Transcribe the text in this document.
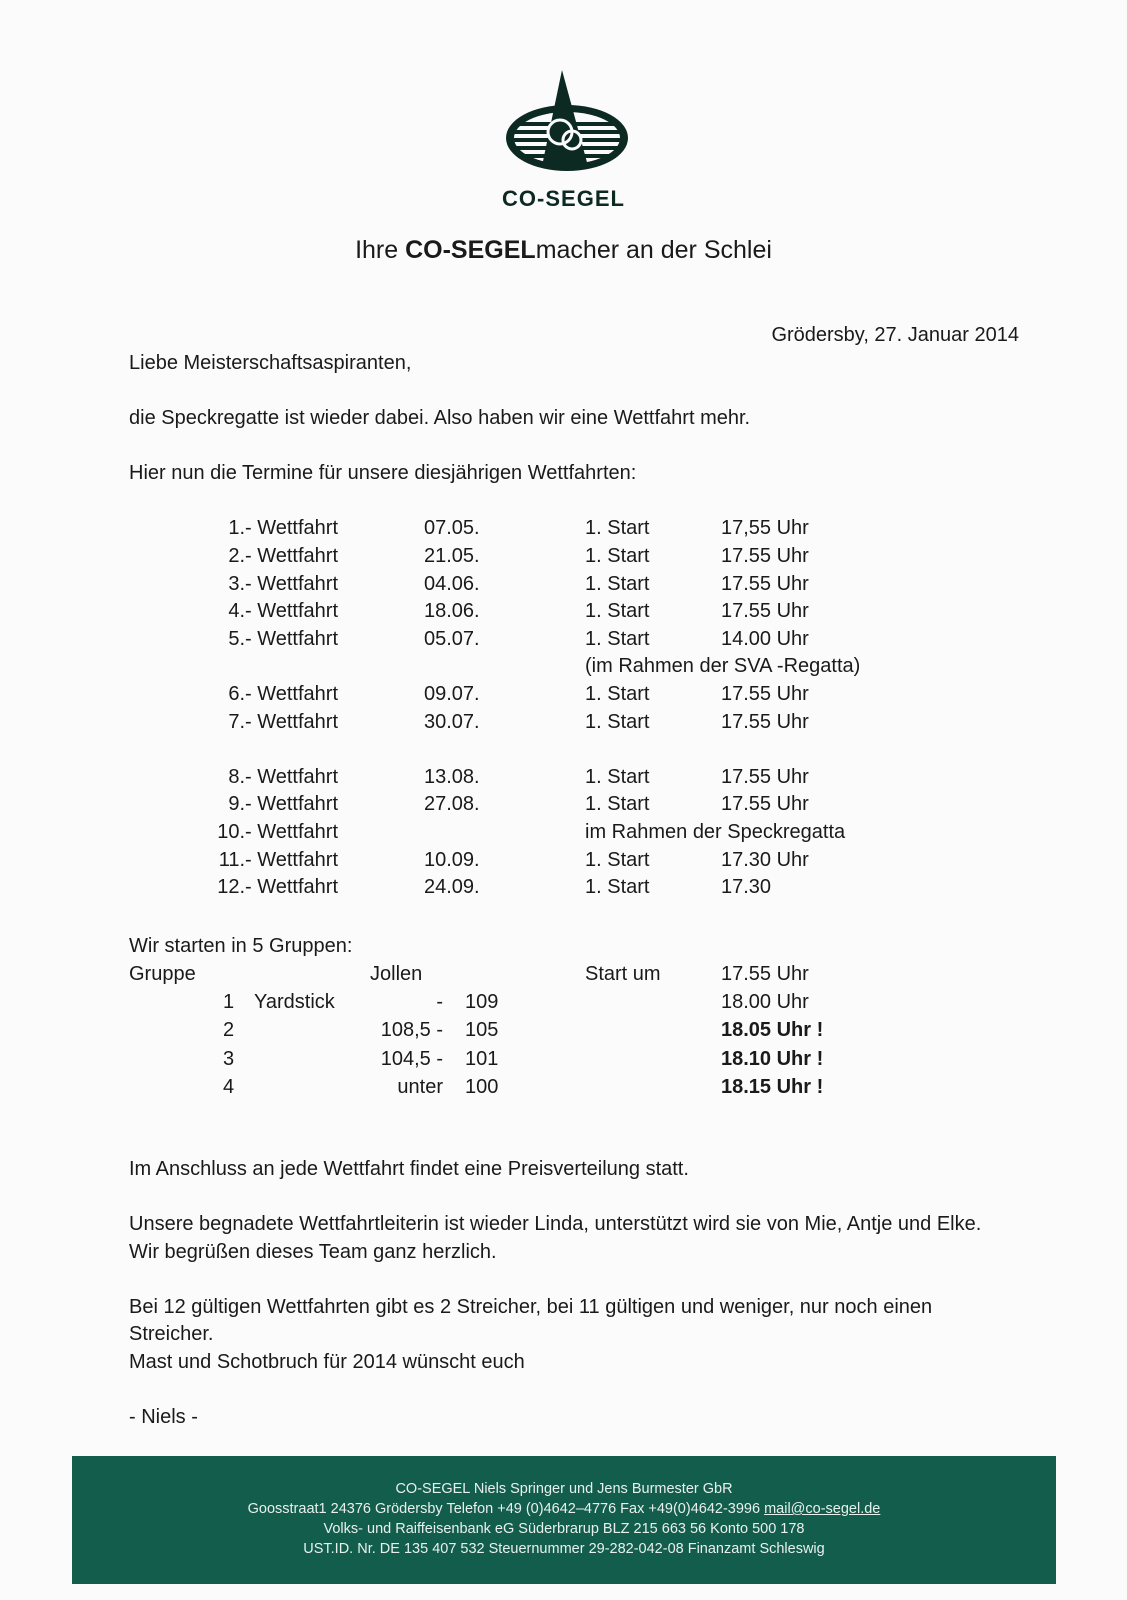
CO-SEGEL
Ihre CO-SEGELmacher an der Schlei
Grödersby, 27. Januar 2014
Liebe Meisterschaftsaspiranten,
die Speckregatte ist wieder dabei. Also haben wir eine Wettfahrt mehr.
Hier nun die Termine für unsere diesjährigen Wettfahrten:
1.- Wettfahrt	07.05.	1. Start	17,55 Uhr
2.- Wettfahrt	21.05.	1. Start	17.55 Uhr
3.- Wettfahrt	04.06.	1. Start	17.55 Uhr
4.- Wettfahrt	18.06.	1. Start	17.55 Uhr
5.- Wettfahrt	05.07.	1. Start	14.00 Uhr
(im Rahmen der SVA -Regatta)
6.- Wettfahrt	09.07.	1. Start	17.55 Uhr
7.- Wettfahrt	30.07.	1. Start	17.55 Uhr
8.- Wettfahrt	13.08.	1. Start	17.55 Uhr
9.- Wettfahrt	27.08.	1. Start	17.55 Uhr
10.- Wettfahrt	im Rahmen der Speckregatta
11.- Wettfahrt	10.09.	1. Start	17.30 Uhr
12.- Wettfahrt	24.09.	1. Start	17.30
Wir starten in 5 Gruppen:
Gruppe	Jollen	Start um	17.55 Uhr
1 Yardstick	- 109	18.00 Uhr
2	108,5 - 105	18.05 Uhr !
3	104,5 - 101	18.10 Uhr !
4	unter 100	18.15 Uhr !
Im Anschluss an jede Wettfahrt findet eine Preisverteilung statt.
Unsere begnadete Wettfahrtleiterin ist wieder Linda, unterstützt wird sie von Mie, Antje und Elke.
Wir begrüßen dieses Team ganz herzlich.
Bei 12 gültigen Wettfahrten gibt es 2 Streicher, bei 11 gültigen und weniger, nur noch einen
Streicher.
Mast und Schotbruch für 2014 wünscht euch
- Niels -
CO-SEGEL Niels Springer und Jens Burmester GbR
Goosstraat1 24376 Grödersby Telefon +49 (0)4642–4776 Fax +49(0)4642-3996 mail@co-segel.de
Volks- und Raiffeisenbank eG Süderbrarup BLZ 215 663 56 Konto 500 178
UST.ID. Nr. DE 135 407 532 Steuernummer 29-282-042-08 Finanzamt Schleswig
